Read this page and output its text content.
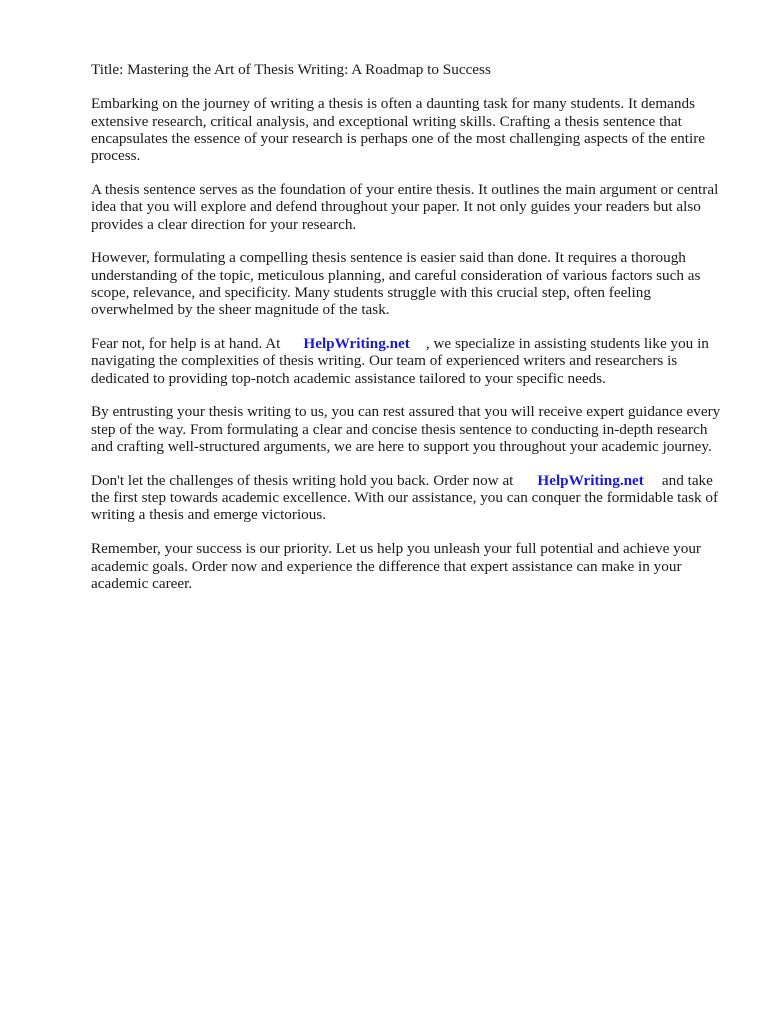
Title: Mastering the Art of Thesis Writing: A Roadmap to Success

Embarking on the journey of writing a thesis is often a daunting task for many students. It demands extensive research, critical analysis, and exceptional writing skills. Crafting a thesis sentence that encapsulates the essence of your research is perhaps one of the most challenging aspects of the entire process.

A thesis sentence serves as the foundation of your entire thesis. It outlines the main argument or central idea that you will explore and defend throughout your paper. It not only guides your readers but also provides a clear direction for your research.

However, formulating a compelling thesis sentence is easier said than done. It requires a thorough understanding of the topic, meticulous planning, and careful consideration of various factors such as scope, relevance, and specificity. Many students struggle with this crucial step, often feeling overwhelmed by the sheer magnitude of the task.

Fear not, for help is at hand. At HelpWriting.net , we specialize in assisting students like you in navigating the complexities of thesis writing. Our team of experienced writers and researchers is dedicated to providing top-notch academic assistance tailored to your specific needs.

By entrusting your thesis writing to us, you can rest assured that you will receive expert guidance every step of the way. From formulating a clear and concise thesis sentence to conducting in-depth research and crafting well-structured arguments, we are here to support you throughout your academic journey.

Don't let the challenges of thesis writing hold you back. Order now at HelpWriting.net and take the first step towards academic excellence. With our assistance, you can conquer the formidable task of writing a thesis and emerge victorious.

Remember, your success is our priority. Let us help you unleash your full potential and achieve your academic goals. Order now and experience the difference that expert assistance can make in your academic career.
